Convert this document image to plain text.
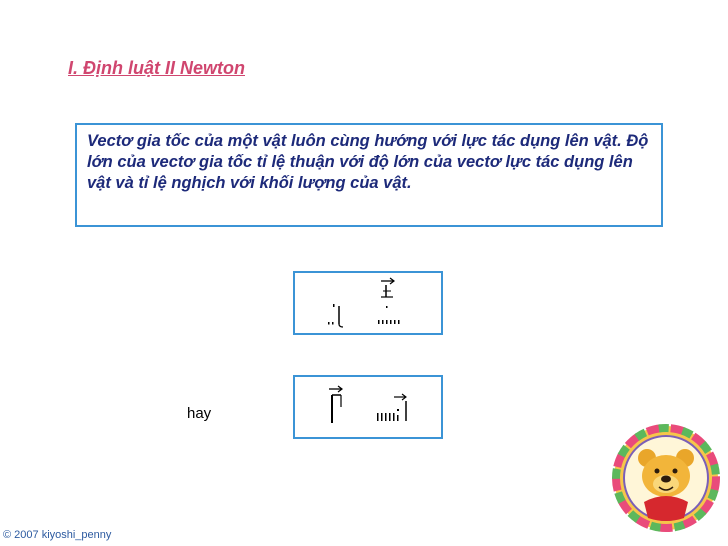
I. Định luật II Newton
Vectơ gia tốc của một vật luôn cùng hướng với lực tác dụng lên vật. Độ lớn của vectơ gia tốc tỉ lệ thuận với độ lớn của vectơ lực tác dụng lên vật và tỉ lệ nghịch với khối lượng của vật.
hay
© 2007 kiyoshi_penny
